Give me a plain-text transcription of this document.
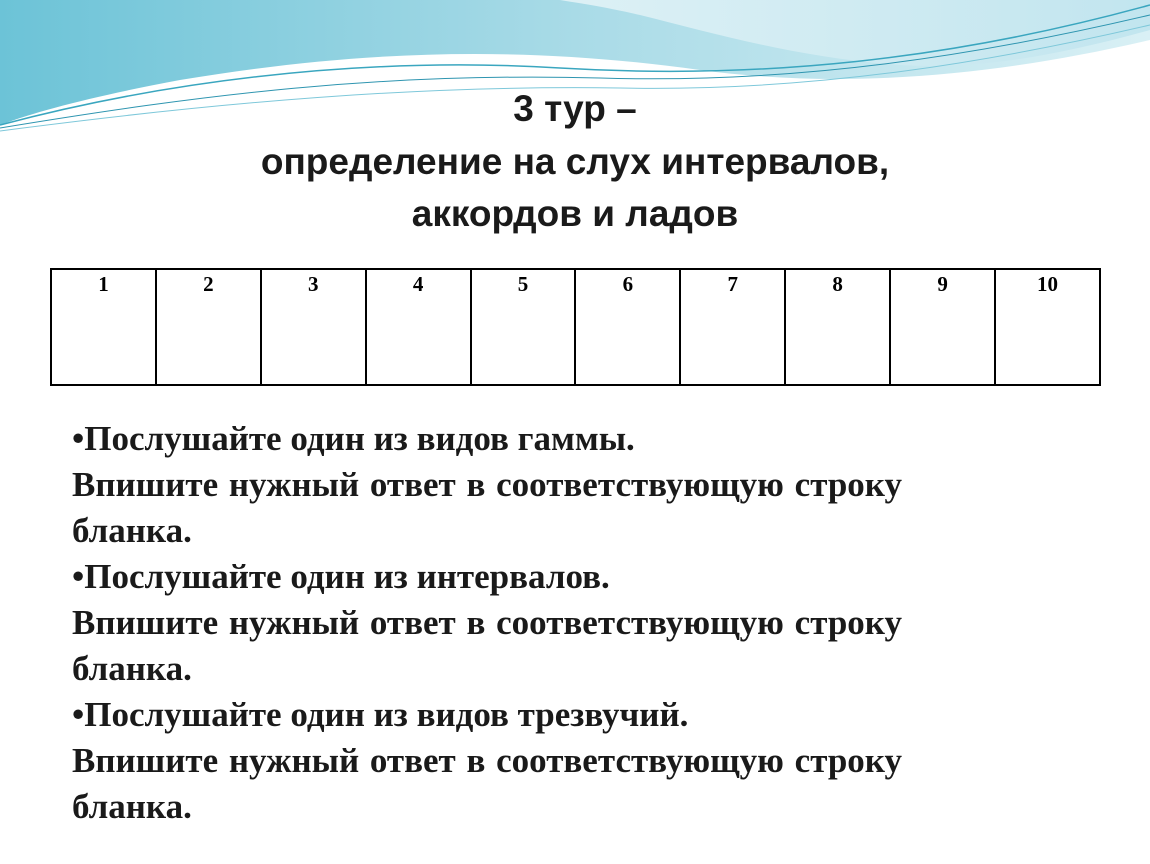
3 тур –
определение на слух интервалов,
аккордов и ладов
1	2	3	4	5	6	7	8	9	10
•Послушайте один из видов гаммы.
Впишите нужный ответ в соответствующую строку
бланка.
•Послушайте один из интервалов.
Впишите нужный ответ в соответствующую строку
бланка.
•Послушайте один из видов трезвучий.
Впишите нужный ответ в соответствующую строку
бланка.
